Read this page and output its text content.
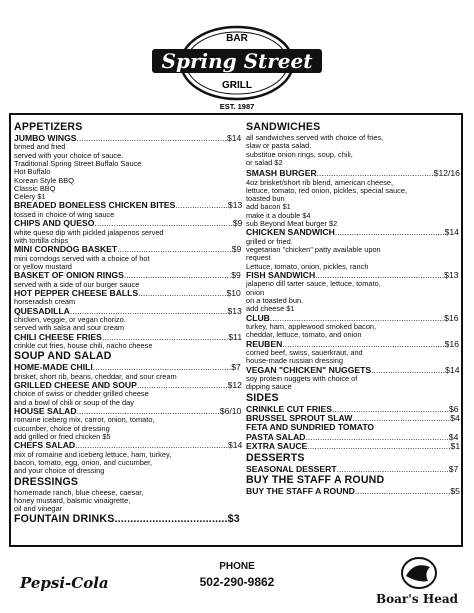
BAR
Spring Street
GRILL
EST. 1987
APPETIZERS
JUMBO WINGS...............................................................$14
brined and fried
served with your choice of sauce.
Traditional Spring Street Buffalo Sauce
Hot Buffalo
Korean Style BBQ
Classic BBQ
Celery $1
BREADED BONELESS CHICKEN BITES......................$13
tossed in choice of wing sauce
CHIPS AND QUESO..........................................................$9
white queso dip with pickled jalapenos served
with tortilla chips
MINI CORNDOG BASKET................................................$9
mini corndogs served with a choice of hot
or yellow mustard
BASKET OF ONION RINGS.............................................$9
served with a side of our burger sauce
HOT PEPPER CHEESE BALLS.....................................$10
horseradish cream
QUESADILLA..................................................................$13
chicken, veggie, or vegan chorizo.
served with salsa and sour cream
CHILI CHEESE FRIES.....................................................$11
crinkle cut fries, house chili, nacho cheese
SOUP AND SALAD
HOME-MADE CHILI..........................................................$7
brisket, short rib, beans, cheddar, and sour cream
GRILLED CHEESE AND SOUP......................................$12
choice of swiss or chedder grilled cheese
and a bowl of chili or soup of the day
HOUSE SALAD............................................................$6/10
romaine iceberg mix, carrot, onion, tomato,
cucumber, choice of dressing
add grilled or fried chicken $5
CHEFS SALAD................................................................$14
mix of romaine and iceberg lettuce, ham, turkey,
bacon, tomato, egg, onion, and cucumber,
and your choice of dressing
DRESSINGS
homemade ranch, blue cheese, caesar,
honey mustard, balsmic vinaigrette,
oil and vinegar
FOUNTAIN DRINKS....................................$3
SANDWICHES
all sandwiches served with choice of fries,
slaw or pasta salad.
substitue onion rings, soup, chili,
or salad $2
SMASH BURGER.................................................$12/16
4oz brisket/short rib blend, american cheese,
lettuce, tomato, red onion, pickles, special sauce,
toasted bun
add bacon $1
make it a double $4
sub Beyond Meat burger $2
CHICKEN SANDWICH..............................................$14
grilled or fried.
vegetarian "chicken" patty available upon
request
Lettuce, tomato, onion, pickles, ranch
FISH SANDWICH......................................................$13
jalapeno dill tarter sauce, lettuce, tomato,
onion
on a toasted bun.
add cheese $1
CLUB.........................................................................$16
turkey, ham, applewood smoked bacon,
cheddar, lettuce, tomato, and onion
REUBEN....................................................................$16
corned beef, swiss, sauerkraut, and
house-made russian dressing
VEGAN "CHICKEN" NUGGETS...............................$14
soy protein nuggets with choice of
dipping sauce
SIDES
CRINKLE CUT FRIES.................................................$6
BRUSSEL SPROUT SLAW.........................................$4
FETA AND SUNDRIED TOMATO
PASTA SALAD............................................................$4
EXTRA SAUCE............................................................$1
DESSERTS
SEASONAL DESSERT...............................................$7
BUY THE STAFF A ROUND
BUY THE STAFF A ROUND........................................$5
Pepsi-Cola
PHONE
502-290-9862
Boar's Head
